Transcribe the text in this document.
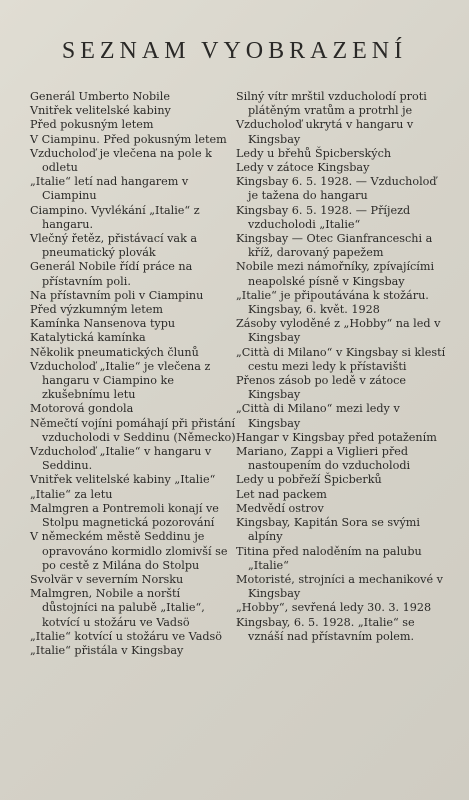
SEZNAM VYOBRAZENÍ
Generál Umberto Nobile
Vnitřek velitelské kabiny
Před pokusným letem
V Ciampinu. Před pokusným letem
Vzducholoď je vlečena na pole k odletu
„Italie“ letí nad hangarem v Ciampinu
Ciampino. Vyvlékání „Italie“ z hangaru.
Vlečný řetěz, přistávací vak a pneumatický plovák
Generál Nobile řídí práce na přístavním poli.
Na přístavním poli v Ciampinu
Před výzkumným letem
Kamínka Nansenova typu
Katalytická kamínka
Několik pneumatických člunů
Vzducholoď „Italie“ je vlečena z hangaru v Ciampino ke zkušebnímu letu
Motorová gondola
Němečtí vojíni pomáhají při přistání vzducholodi v Seddinu (Německo)
Vzducholoď „Italie“ v hangaru v Seddinu.
Vnitřek velitelské kabiny „Italie“
„Italie“ za letu
Malmgren a Pontremoli konají ve Stolpu magnetická pozorování
V německém městě Seddinu je opravováno kormidlo zlomivší se po cestě z Milána do Stolpu
Svolvär v severním Norsku
Malmgren, Nobile a norští důstojníci na palubě „Italie“, kotvící u stožáru ve Vadsö
„Italie“ kotvící u stožáru ve Vadsö
„Italie“ přistála v Kingsbay
Silný vítr mrštil vzducholodí proti plátěným vratům a protrhl je
Vzducholoď ukrytá v hangaru v Kingsbay
Ledy u břehů Špicberských
Ledy v zátoce Kingsbay
Kingsbay 6. 5. 1928. — Vzducholoď je tažena do hangaru
Kingsbay 6. 5. 1928. — Příjezd vzducholodi „Italie“
Kingsbay — Otec Gianfranceschi a kříž, darovaný papežem
Nobile mezi námořníky, zpívajícími neapolské písně v Kingsbay
„Italie“ je připoutávána k stožáru. Kingsbay, 6. květ. 1928
Zásoby vyloděné z „Hobby“ na led v Kingsbay
„Città di Milano“ v Kingsbay si klestí cestu mezi ledy k přístavišti
Přenos zásob po ledě v zátoce Kingsbay
„Città di Milano“ mezi ledy v Kingsbay
Hangar v Kingsbay před potažením
Mariano, Zappi a Viglieri před nastoupením do vzducholodi
Ledy u pobřeží Špicberků
Let nad packem
Medvědí ostrov
Kingsbay, Kapitán Sora se svými alpíny
Titina před naloděním na palubu „Italie“
Motoristé, strojníci a mechanikové v Kingsbay
„Hobby“, sevřená ledy 30. 3. 1928
Kingsbay, 6. 5. 1928. „Italie“ se vznáší nad přístavním polem.
